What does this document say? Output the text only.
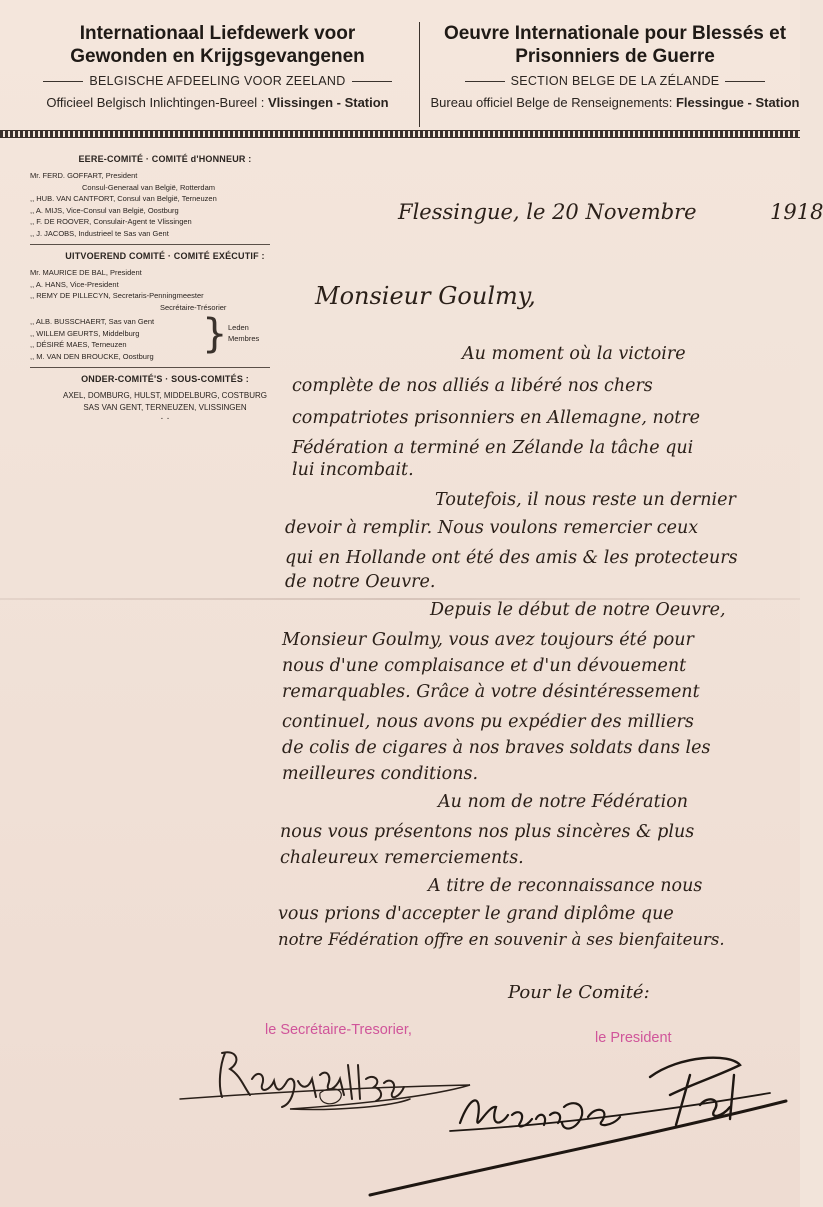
Internationaal Liefdewerk voor
Gewonden en Krijgsgevangenen
BELGISCHE AFDEELING VOOR ZEELAND
Officieel Belgisch Inlichtingen-Bureel : Vlissingen - Station
Oeuvre Internationale pour Blessés et
Prisonniers de Guerre
SECTION BELGE DE LA ZÉLANDE
Bureau officiel Belge de Renseignements: Flessingue - Station
EERE-COMITÉ · COMITÉ d'HONNEUR :
Mr. FERD. GOFFART, President
Consul-Generaal van België, Rotterdam
,, HUB. VAN CANTFORT, Consul van België, Terneuzen
,, A. MIJS, Vice-Consul van België, Oostburg
,, F. DE ROOVER, Consulair-Agent te Vlissingen
,, J. JACOBS, Industrieel te Sas van Gent
UITVOEREND COMITÉ · COMITÉ EXÉCUTIF :
Mr. MAURICE DE BAL, President
,, A. HANS, Vice-President
,, REMY DE PILLECYN, Secretaris-Penningmeester
Secrétaire-Trésorier
,, ALB. BUSSCHAERT, Sas van Gent
,, WILLEM GEURTS, Middelburg
,, DÉSIRÉ MAES, Terneuzen
,, M. VAN DEN BROUCKE, Oostburg	} Leden
Membres
ONDER-COMITÉ'S · SOUS-COMITÉS :
AXEL, DOMBURG, HULST, MIDDELBURG, COSTBURG
SAS VAN GENT, TERNEUZEN, VLISSINGEN
· ·
Flessingue, le 20 Novembre	1918
Monsieur Goulmy,
Au moment où la victoire
complète de nos alliés a libéré nos chers
compatriotes prisonniers en Allemagne, notre
Fédération a terminé en Zélande la tâche qui
lui incombait.
Toutefois, il nous reste un dernier
devoir à remplir. Nous voulons remercier ceux
qui en Hollande ont été des amis & les protecteurs
de notre Oeuvre.
Depuis le début de notre Oeuvre,
Monsieur Goulmy, vous avez toujours été pour
nous d'une complaisance et d'un dévouement
remarquables. Grâce à votre désintéressement
continuel, nous avons pu expédier des milliers
de colis de cigares à nos braves soldats dans les
meilleures conditions.
Au nom de notre Fédération
nous vous présentons nos plus sincères & plus
chaleureux remerciements.
A titre de reconnaissance nous
vous prions d'accepter le grand diplôme que
notre Fédération offre en souvenir à ses bienfaiteurs.
Pour le Comité:
le Secrétaire-Tresorier,	le President
